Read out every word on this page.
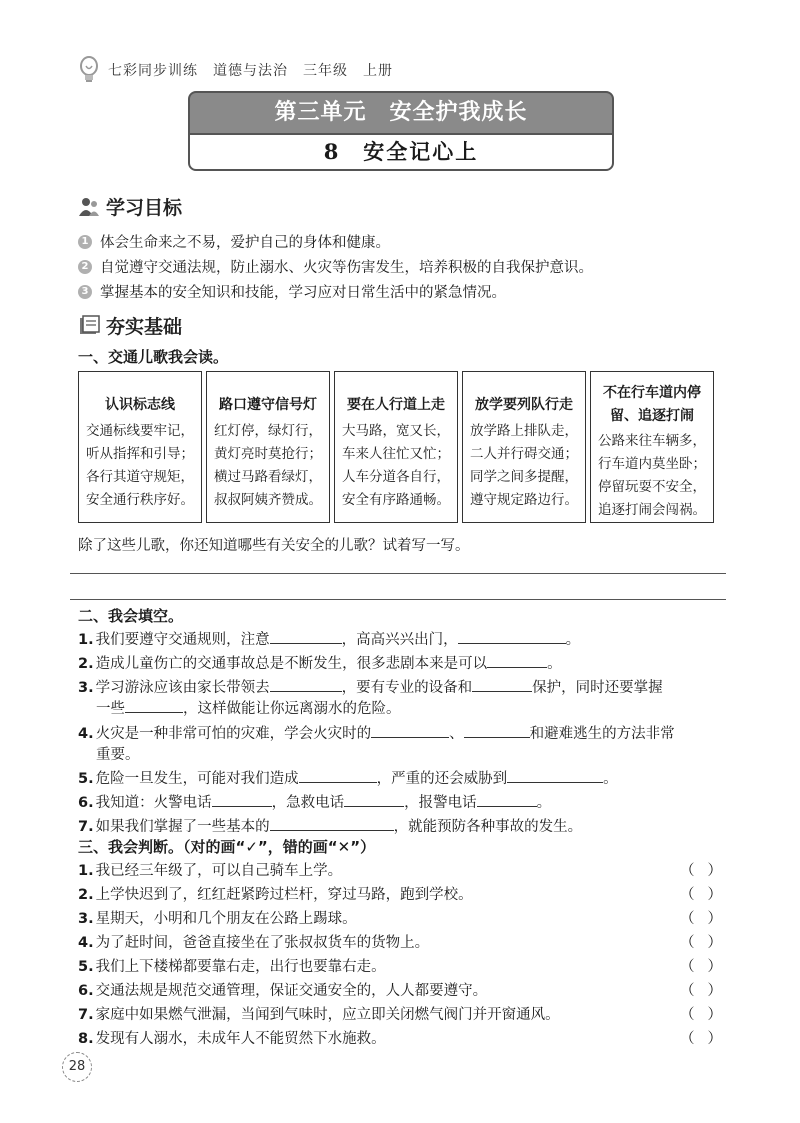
七彩同步训练　道德与法治　三年级　上册
第三单元　安全护我成长
8　安全记心上
学习目标
1 体会生命来之不易，爱护自己的身体和健康。
2 自觉遵守交通法规，防止溺水、火灾等伤害发生，培养积极的自我保护意识。
3 掌握基本的安全知识和技能，学习应对日常生活中的紧急情况。
夯实基础
一、交通儿歌我会读。
认识标志线
交通标线要牢记，
听从指挥和引导；
各行其道守规矩，
安全通行秩序好。
路口遵守信号灯
红灯停，绿灯行，
黄灯亮时莫抢行；
横过马路看绿灯，
叔叔阿姨齐赞成。
要在人行道上走
大马路，宽又长，
车来人往忙又忙；
人车分道各自行，
安全有序路通畅。
放学要列队行走
放学路上排队走，
二人并行碍交通；
同学之间多提醒，
遵守规定路边行。
不在行车道内停
留、追逐打闹
公路来往车辆多，
行车道内莫坐卧；
停留玩耍不安全，
追逐打闹会闯祸。
除了这些儿歌，你还知道哪些有关安全的儿歌？试着写一写。
二、我会填空。
1. 我们要遵守交通规则，注意	，高高兴兴出门，	。
2. 造成儿童伤亡的交通事故总是不断发生，很多悲剧本来是可以	。
3. 学习游泳应该由家长带领去	，要有专业的设备和	保护，同时还要掌握
一些	，这样做能让你远离溺水的危险。
4. 火灾是一种非常可怕的灾难，学会火灾时的	、	和避难逃生的方法非常
重要。
5. 危险一旦发生，可能对我们造成	，严重的还会威胁到	。
6. 我知道：火警电话	，急救电话	，报警电话	。
7. 如果我们掌握了一些基本的	，就能预防各种事故的发生。
三、我会判断。（对的画“✓”，错的画“✕”）
1. 我已经三年级了，可以自己骑车上学。	（ ）
2. 上学快迟到了，红红赶紧跨过栏杆，穿过马路，跑到学校。	（ ）
3. 星期天，小明和几个朋友在公路上踢球。	（ ）
4. 为了赶时间，爸爸直接坐在了张叔叔货车的货物上。	（ ）
5. 我们上下楼梯都要靠右走，出行也要靠右走。	（ ）
6. 交通法规是规范交通管理，保证交通安全的，人人都要遵守。	（ ）
7. 家庭中如果燃气泄漏，当闻到气味时，应立即关闭燃气阀门并开窗通风。	（ ）
8. 发现有人溺水，未成年人不能贸然下水施救。	（ ）
28
